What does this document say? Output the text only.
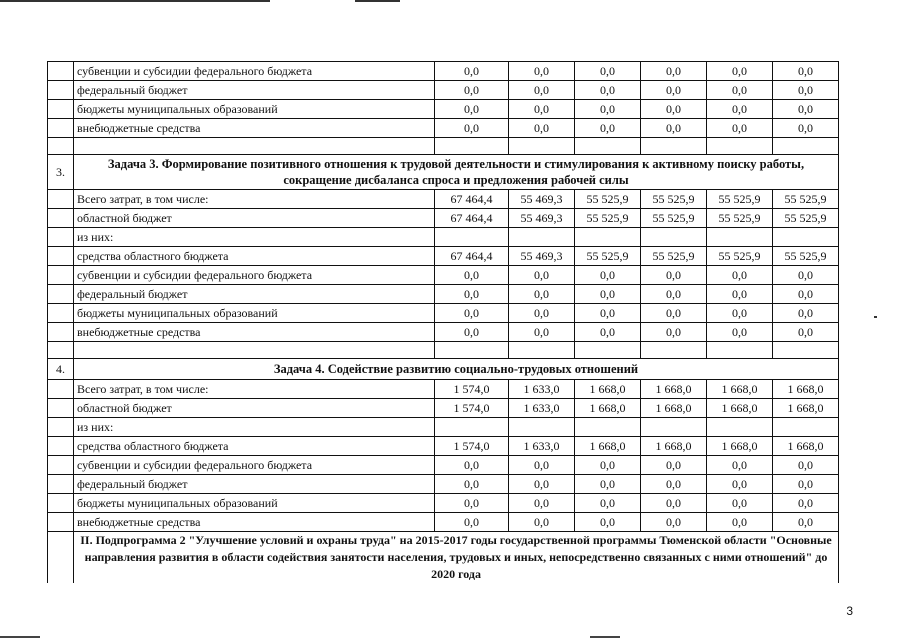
	субвенции и субсидии федерального бюджета	0,0	0,0	0,0	0,0	0,0	0,0
	федеральный бюджет	0,0	0,0	0,0	0,0	0,0	0,0
	бюджеты муниципальных образований	0,0	0,0	0,0	0,0	0,0	0,0
	внебюджетные средства	0,0	0,0	0,0	0,0	0,0	0,0

3.	Задача 3. Формирование позитивного отношения к трудовой деятельности и стимулирования к активному поиску работы, сокращение дисбаланса спроса и предложения рабочей силы						
	Всего затрат, в том числе:	67 464,4	55 469,3	55 525,9	55 525,9	55 525,9	55 525,9
	областной бюджет	67 464,4	55 469,3	55 525,9	55 525,9	55 525,9	55 525,9
	из них:						
	средства областного бюджета	67 464,4	55 469,3	55 525,9	55 525,9	55 525,9	55 525,9
	субвенции и субсидии федерального бюджета	0,0	0,0	0,0	0,0	0,0	0,0
	федеральный бюджет	0,0	0,0	0,0	0,0	0,0	0,0
	бюджеты муниципальных образований	0,0	0,0	0,0	0,0	0,0	0,0
	внебюджетные средства	0,0	0,0	0,0	0,0	0,0	0,0

4.	Задача 4. Содействие развитию социально-трудовых отношений						
	Всего затрат, в том числе:	1 574,0	1 633,0	1 668,0	1 668,0	1 668,0	1 668,0
	областной бюджет	1 574,0	1 633,0	1 668,0	1 668,0	1 668,0	1 668,0
	из них:						
	средства областного бюджета	1 574,0	1 633,0	1 668,0	1 668,0	1 668,0	1 668,0
	субвенции и субсидии федерального бюджета	0,0	0,0	0,0	0,0	0,0	0,0
	федеральный бюджет	0,0	0,0	0,0	0,0	0,0	0,0
	бюджеты муниципальных образований	0,0	0,0	0,0	0,0	0,0	0,0
	внебюджетные средства	0,0	0,0	0,0	0,0	0,0	0,0
	II. Подпрограмма 2 "Улучшение условий и охраны труда" на 2015-2017 годы государственной программы Тюменской области "Основные направления развития в области содействия занятости населения, трудовых и иных, непосредственно связанных с ними отношений" до 2020 года						
3
